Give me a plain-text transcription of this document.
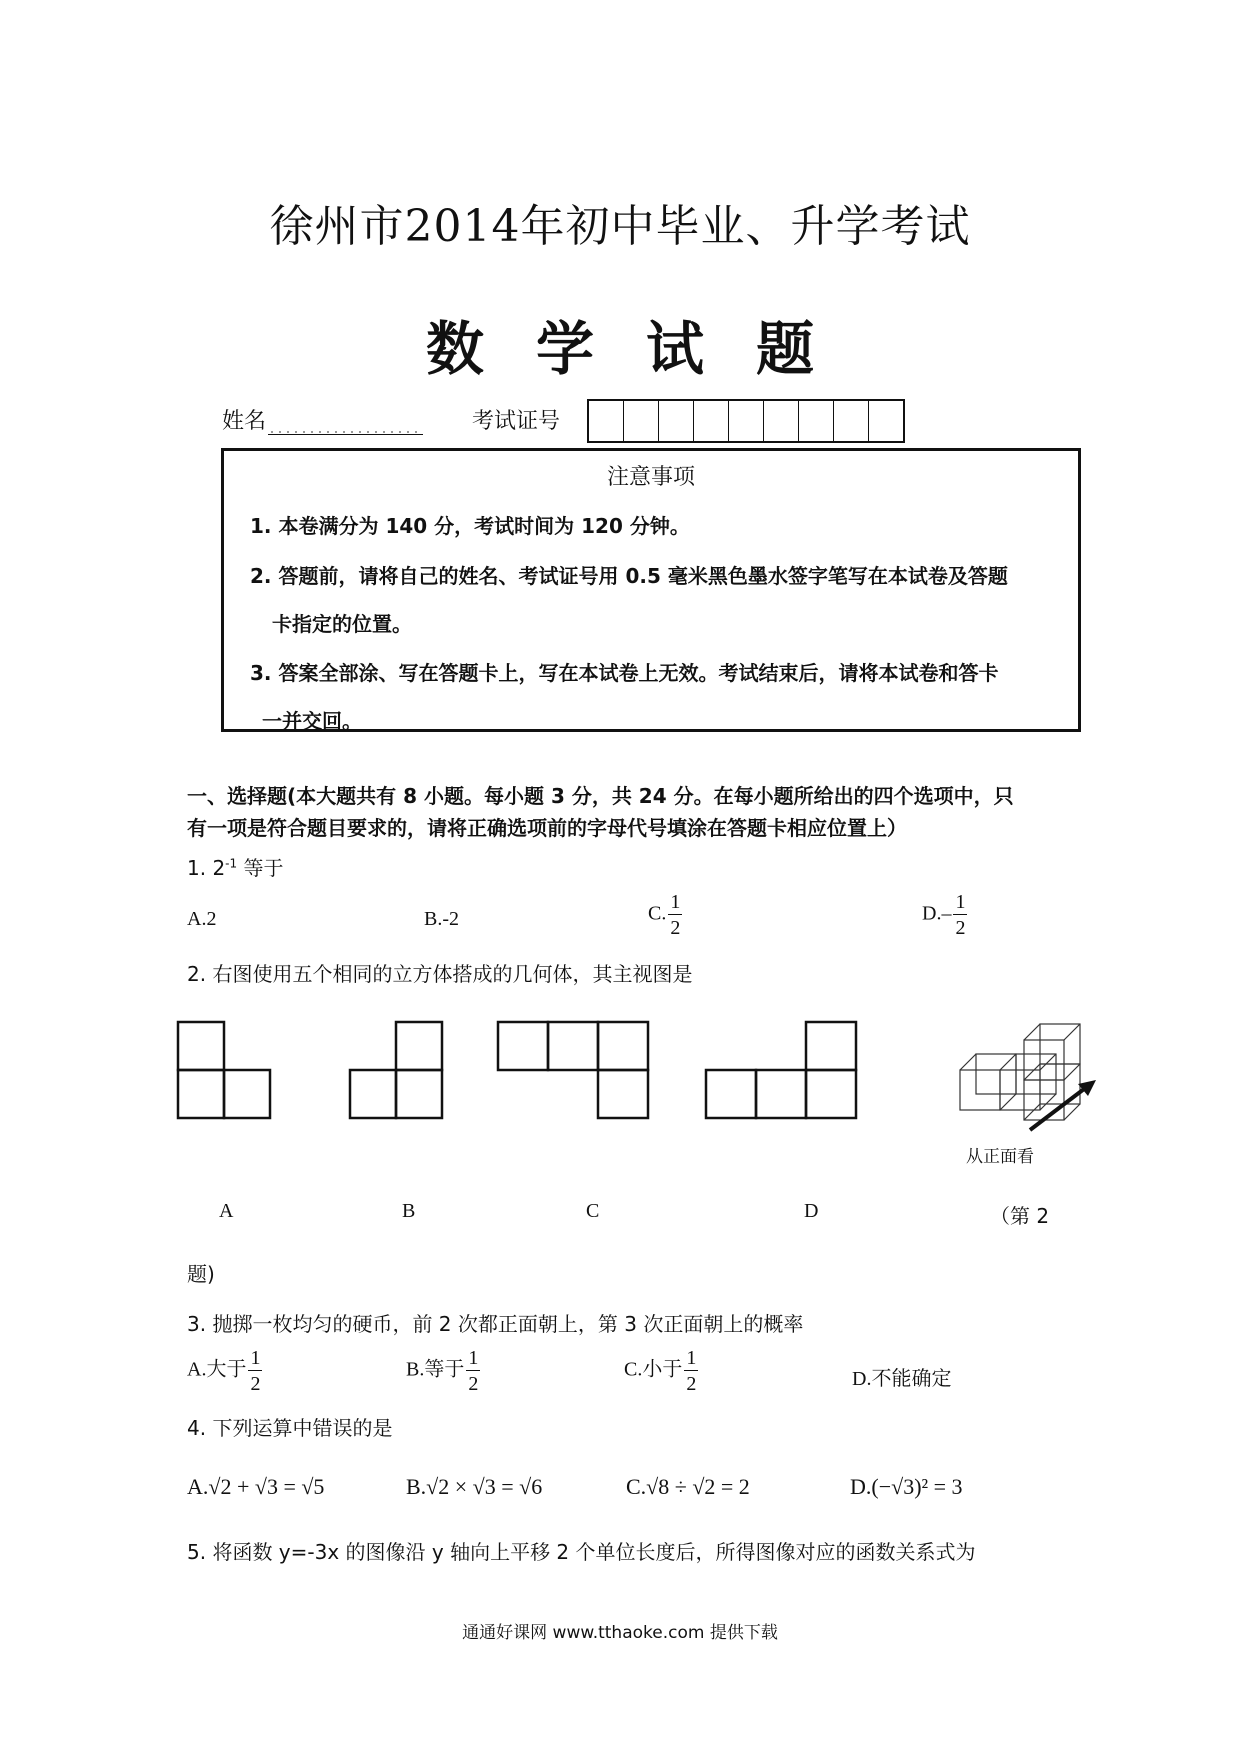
徐州市2014年初中毕业、升学考试
数学试题
姓名	考试证号
注意事项
1. 本卷满分为 140 分，考试时间为 120 分钟。
2. 答题前，请将自己的姓名、考试证号用 0.5 毫米黑色墨水签字笔写在本试卷及答题
卡指定的位置。
3. 答案全部涂、写在答题卡上，写在本试卷上无效。考试结束后，请将本试卷和答卡
一并交回。
一、选择题(本大题共有 8 小题。每小题 3 分，共 24 分。在每小题所给出的四个选项中，只
有一项是符合题目要求的，请将正确选项前的字母代号填涂在答题卡相应位置上）
1. $2^{-1}$ 等于
A.2	B.-2	C. $\frac{1}{2}$	$D.- \frac{1}{2}$
2. 右图使用五个相同的立方体搭成的几何体，其主视图是
从正面看
A	B	C	D	（第 2
题)
3. 抛掷一枚均匀的硬币，前 2 次都正面朝上，第 3 次正面朝上的概率
A.大于 $\frac{1}{2}$	B.等于 $\frac{1}{2}$	C.小于 $\frac{1}{2}$	D.不能确定
4. 下列运算中错误的是
A.√2 + √3 = √5	B.√2 × √3 = √6	C.√8 ÷ √2 = 2	D.(−√3)² = 3
5. 将函数 y=-3x 的图像沿 y 轴向上平移 2 个单位长度后，所得图像对应的函数关系式为
通通好课网 www.tthaoke.com 提供下载
